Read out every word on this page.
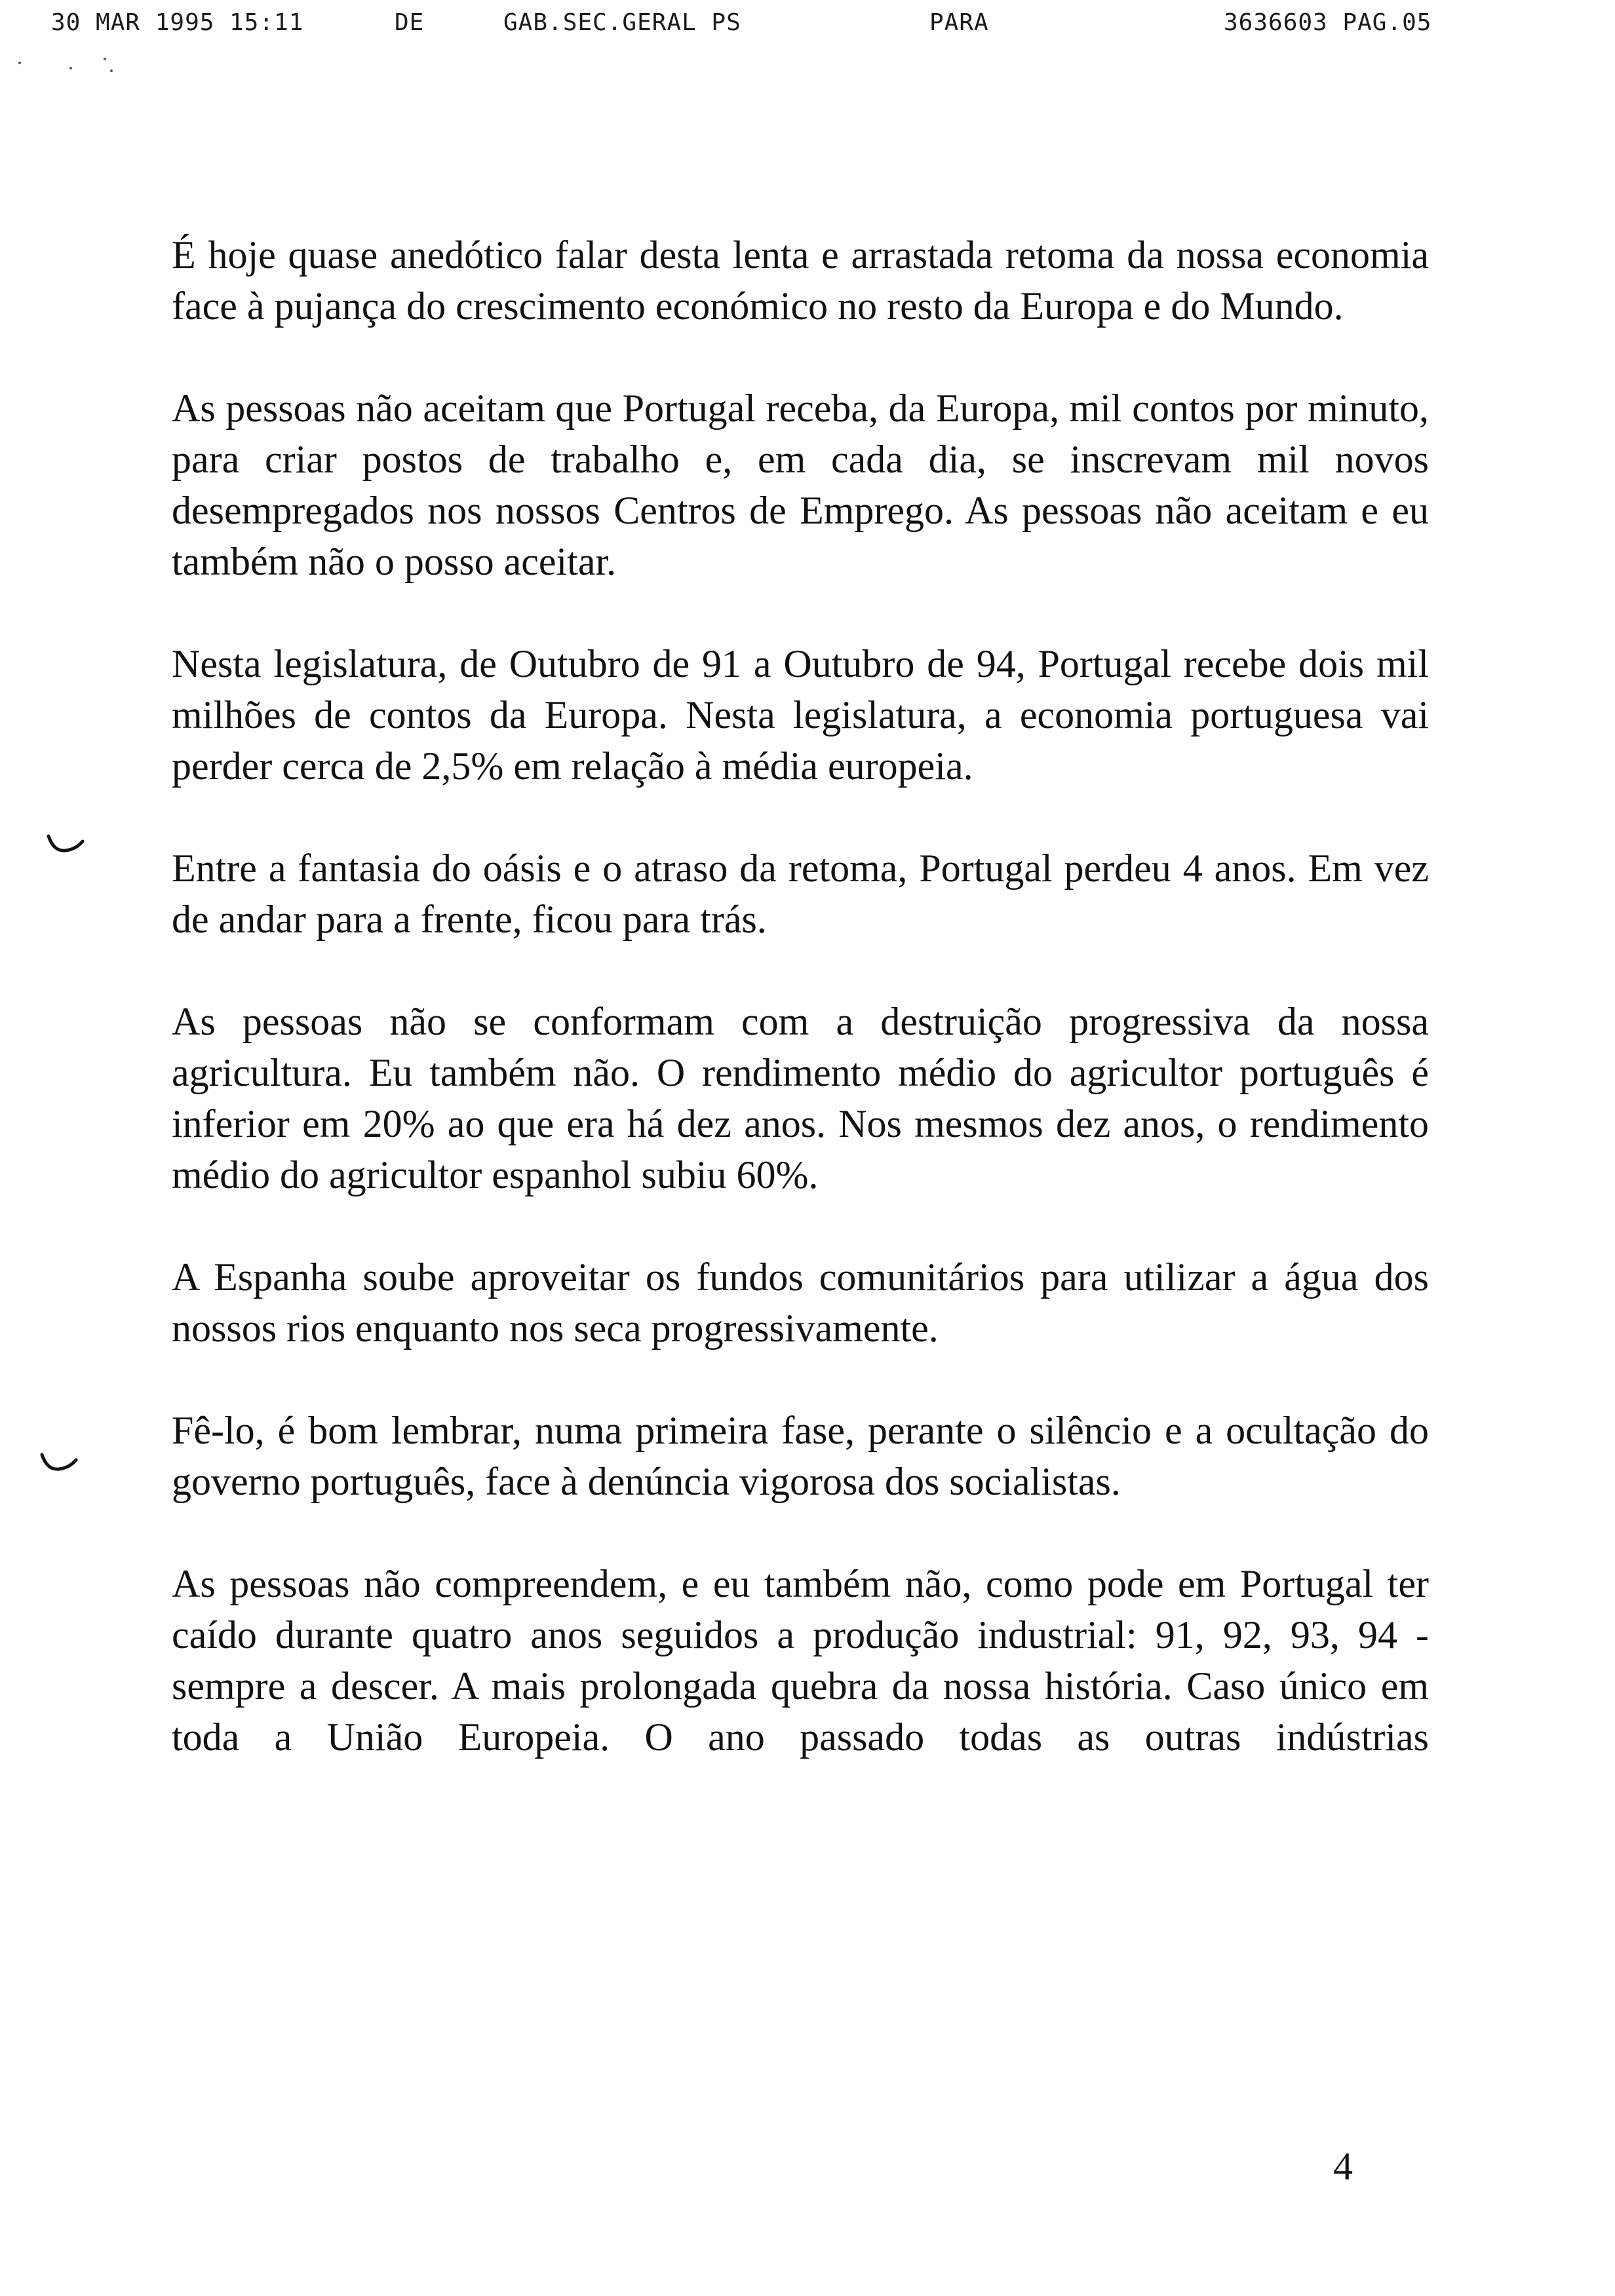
30 MAR 1995 15:11	DE	GAB.SEC.GERAL PS	PARA	3636603 PAG.05

É hoje quase anedótico falar desta lenta e arrastada retoma da nossa economia face à pujança do crescimento económico no resto da Europa e do Mundo.

As pessoas não aceitam que Portugal receba, da Europa, mil contos por minuto, para criar postos de trabalho e, em cada dia, se inscrevam mil novos desempregados nos nossos Centros de Emprego. As pessoas não aceitam e eu também não o posso aceitar.

Nesta legislatura, de Outubro de 91 a Outubro de 94, Portugal recebe dois mil milhões de contos da Europa. Nesta legislatura, a economia portuguesa vai perder cerca de 2,5% em relação à média europeia.

Entre a fantasia do oásis e o atraso da retoma, Portugal perdeu 4 anos. Em vez de andar para a frente, ficou para trás.

As pessoas não se conformam com a destruição progressiva da nossa agricultura. Eu também não. O rendimento médio do agricultor português é inferior em 20% ao que era há dez anos. Nos mesmos dez anos, o rendimento médio do agricultor espanhol subiu 60%.

A Espanha soube aproveitar os fundos comunitários para utilizar a água dos nossos rios enquanto nos seca progressivamente.

Fê-lo, é bom lembrar, numa primeira fase, perante o silêncio e a ocultação do governo português, face à denúncia vigorosa dos socialistas.

As pessoas não compreendem, e eu também não, como pode em Portugal ter caído durante quatro anos seguidos a produção industrial: 91, 92, 93, 94 - sempre a descer. A mais prolongada quebra da nossa história. Caso único em toda a União Europeia. O ano passado todas as outras indústrias

4
